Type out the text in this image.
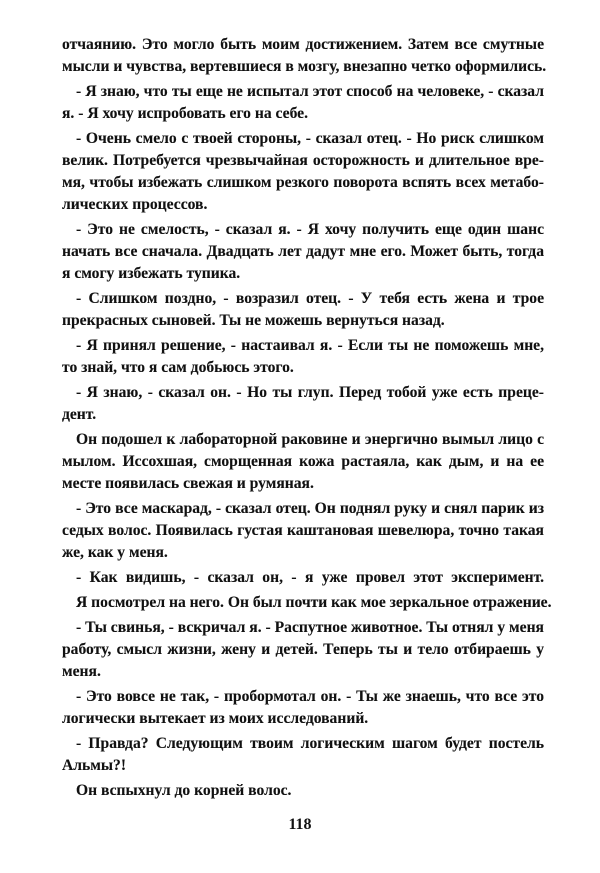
отчаянию. Это могло быть моим достижением. Затем все смутные
мысли и чувства, вертевшиеся в мозгу, внезапно четко оформились.
- Я знаю, что ты еще не испытал этот способ на человеке, - сказал
я. - Я хочу испробовать его на себе.
- Очень смело с твоей стороны, - сказал отец. - Но риск слишком
велик. Потребуется чрезвычайная осторожность и длительное вре-
мя, чтобы избежать слишком резкого поворота вспять всех метабо-
лических процессов.
- Это не смелость, - сказал я. - Я хочу получить еще один шанс
начать все сначала. Двадцать лет дадут мне его. Может быть, тогда
я смогу избежать тупика.
- Слишком поздно, - возразил отец. - У тебя есть жена и трое
прекрасных сыновей. Ты не можешь вернуться назад.
- Я принял решение, - настаивал я. - Если ты не поможешь мне,
то знай, что я сам добьюсь этого.
- Я знаю, - сказал он. - Но ты глуп. Перед тобой уже есть прецe-
дент.
Он подошел к лабораторной раковине и энергично вымыл лицо с
мылом. Иссохшая, сморщенная кожа растаяла, как дым, и на ее
месте появилась свежая и румяная.
- Это все маскарад, - сказал отец. Он поднял руку и снял парик из
седых волос. Появилась густая каштановая шевелюра, точно такая
же, как у меня.
- Как видишь, - сказал он, - я уже провел этот эксперимент.
Я посмотрел на него. Он был почти как мое зеркальное отражение.
- Ты свинья, - вскричал я. - Распутное животное. Ты отнял у меня
работу, смысл жизни, жену и детей. Теперь ты и тело отбираешь у
меня.
- Это вовсе не так, - пробормотал он. - Ты же знаешь, что все это
логически вытекает из моих исследований.
- Правда? Следующим твоим логическим шагом будет постель
Альмы?!
Он вспыхнул до корней волос.
118
